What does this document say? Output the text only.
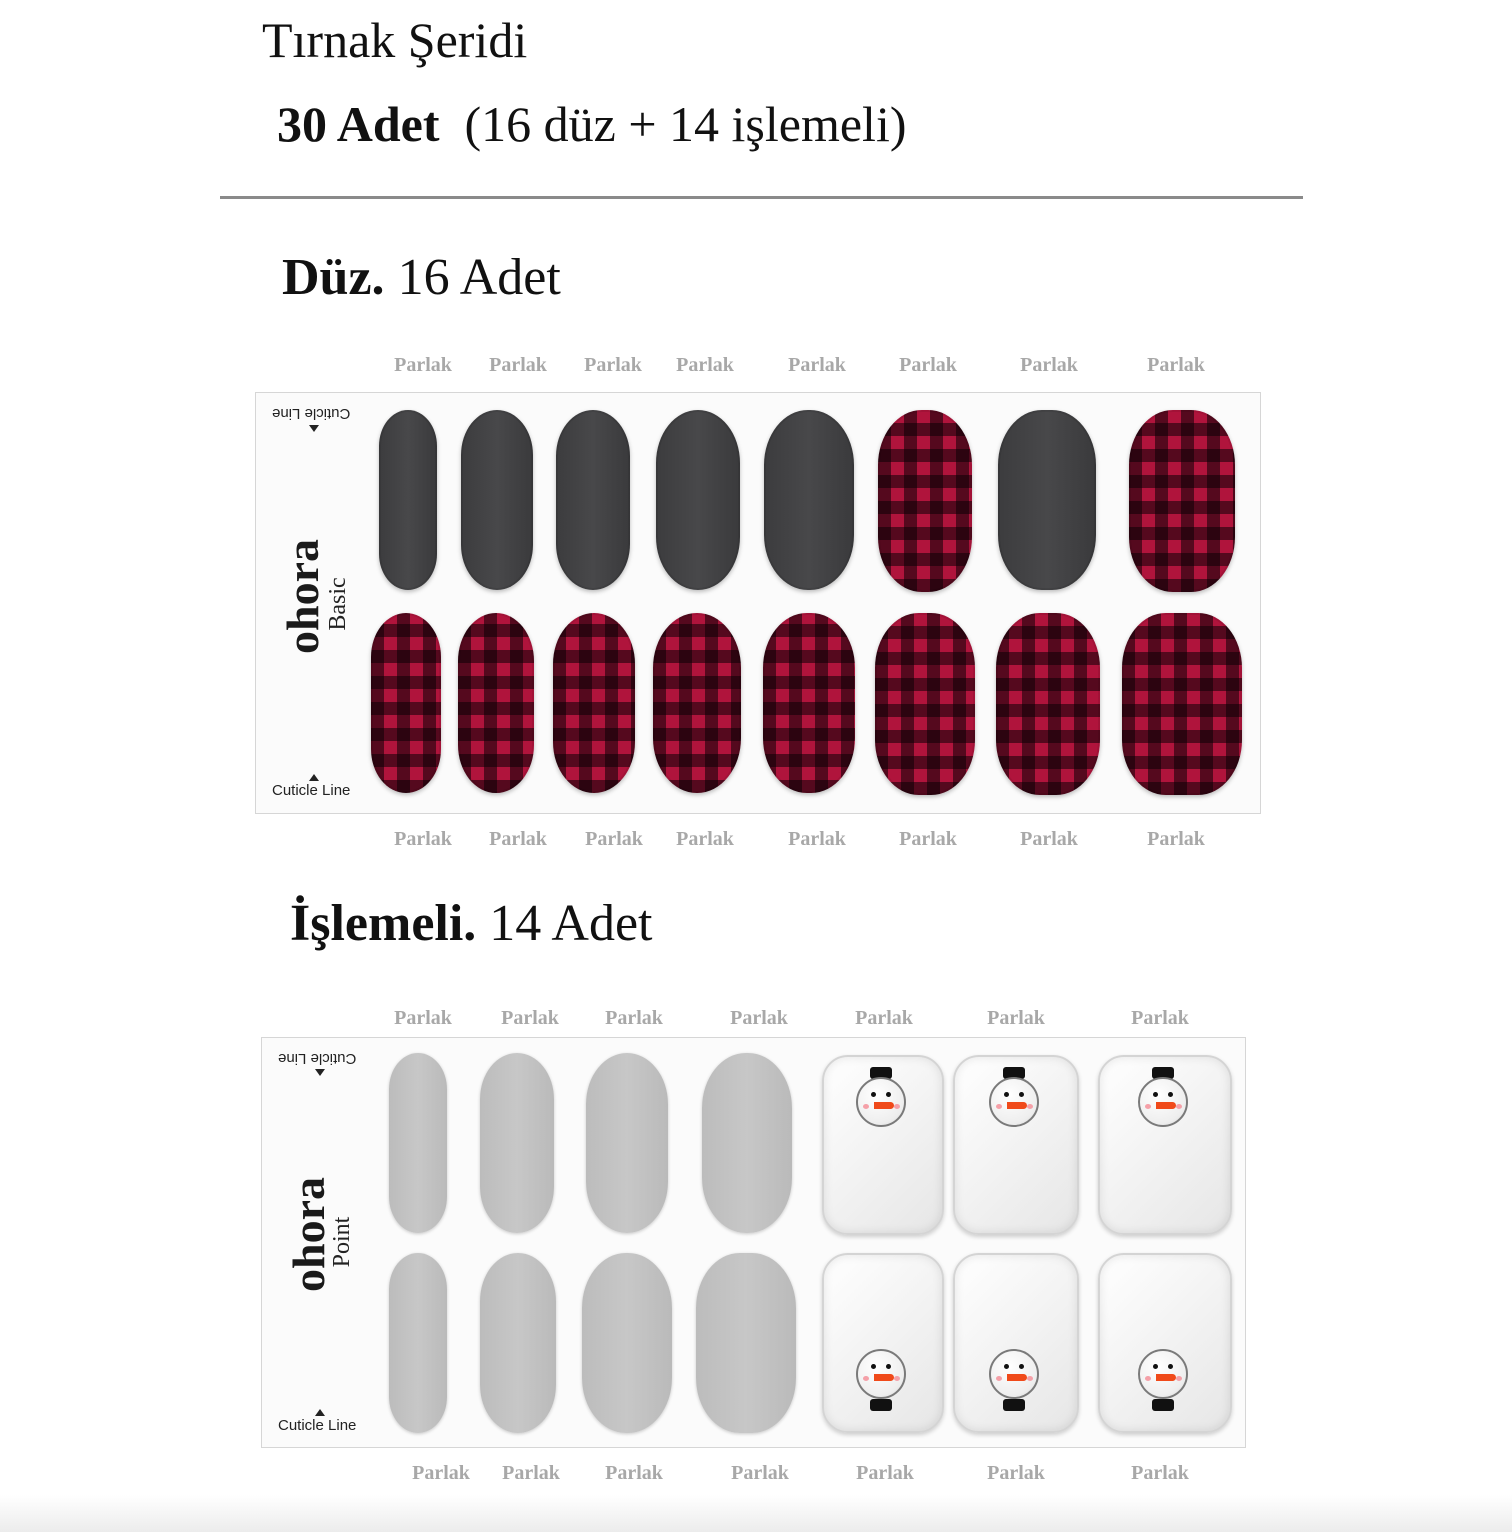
Tırnak Şeridi
30 Adet (16 düz + 14 işlemeli)
Düz. 16 Adet
Parlak Parlak Parlak Parlak	Parlak	Parlak	Parlak	Parlak
Cuticle Line
ohora
Basic
Cuticle Line
Parlak Parlak Parlak Parlak	Parlak	Parlak	Parlak	Parlak
İşlemeli. 14 Adet
Parlak Parlak Parlak	Parlak	Parlak	Parlak	Parlak
Cuticle Line
ohora
Point
Cuticle Line
Parlak Parlak Parlak	Parlak	Parlak	Parlak	Parlak
